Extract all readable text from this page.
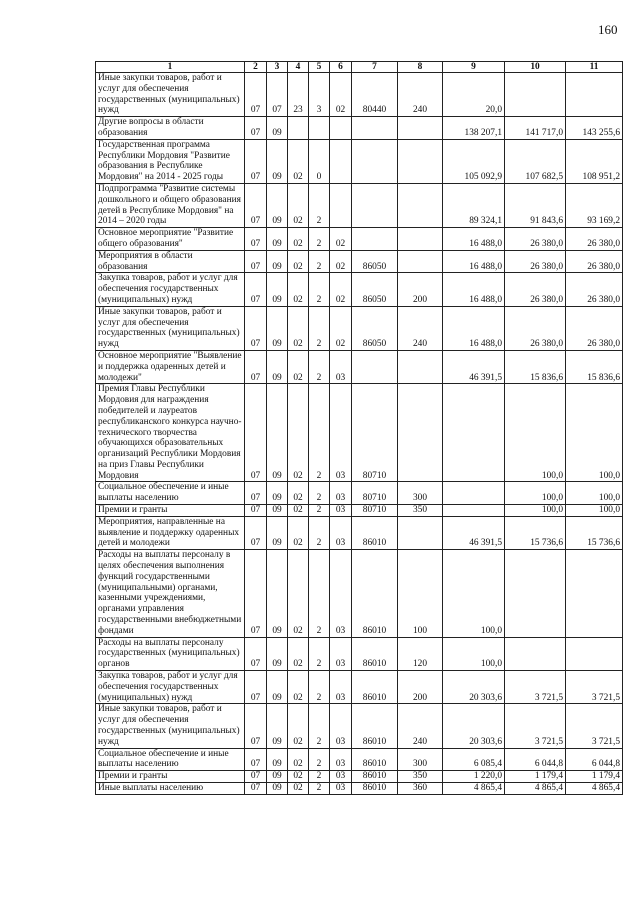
160
1	2	3	4	5	6	7	8	9	10	11
Иные закупки товаров, работ и услуг для обеспечения государственных (муниципальных) нужд	07	07	23	3	02	80440	240	20,0		
Другие вопросы в области образования	07	09						138 207,1	141 717,0	143 255,6
Государственная программа Республики Мордовия "Развитие образования в Республике Мордовия" на 2014 - 2025 годы	07	09	02	0				105 092,9	107 682,5	108 951,2
Подпрограмма "Развитие системы дошкольного и общего образования детей в Республике Мордовия" на 2014 – 2020 годы	07	09	02	2				89 324,1	91 843,6	93 169,2
Основное мероприятие "Развитие общего образования"	07	09	02	2	02			16 488,0	26 380,0	26 380,0
Мероприятия в области образования	07	09	02	2	02	86050		16 488,0	26 380,0	26 380,0
Закупка товаров, работ и услуг для обеспечения государственных (муниципальных) нужд	07	09	02	2	02	86050	200	16 488,0	26 380,0	26 380,0
Иные закупки товаров, работ и услуг для обеспечения государственных (муниципальных) нужд	07	09	02	2	02	86050	240	16 488,0	26 380,0	26 380,0
Основное мероприятие "Выявление и поддержка одаренных детей и молодежи"	07	09	02	2	03			46 391,5	15 836,6	15 836,6
Премия Главы Республики Мордовия для награждения победителей и лауреатов республиканского конкурса научно-технического творчества обучающихся образовательных организаций Республики Мордовия на приз Главы Республики Мордовия	07	09	02	2	03	80710			100,0	100,0
Социальное обеспечение и иные выплаты населению	07	09	02	2	03	80710	300		100,0	100,0
Премии и гранты	07	09	02	2	03	80710	350		100,0	100,0
Мероприятия, направленные на выявление и поддержку одаренных детей и молодежи	07	09	02	2	03	86010		46 391,5	15 736,6	15 736,6
Расходы на выплаты персоналу в целях обеспечения выполнения функций государственными (муниципальными) органами, казенными учреждениями, органами управления государственными внебюджетными фондами	07	09	02	2	03	86010	100	100,0		
Расходы на выплаты персоналу государственных (муниципальных) органов	07	09	02	2	03	86010	120	100,0		
Закупка товаров, работ и услуг для обеспечения государственных (муниципальных) нужд	07	09	02	2	03	86010	200	20 303,6	3 721,5	3 721,5
Иные закупки товаров, работ и услуг для обеспечения государственных (муниципальных) нужд	07	09	02	2	03	86010	240	20 303,6	3 721,5	3 721,5
Социальное обеспечение и иные выплаты населению	07	09	02	2	03	86010	300	6 085,4	6 044,8	6 044,8
Премии и гранты	07	09	02	2	03	86010	350	1 220,0	1 179,4	1 179,4
Иные выплаты населению	07	09	02	2	03	86010	360	4 865,4	4 865,4	4 865,4
